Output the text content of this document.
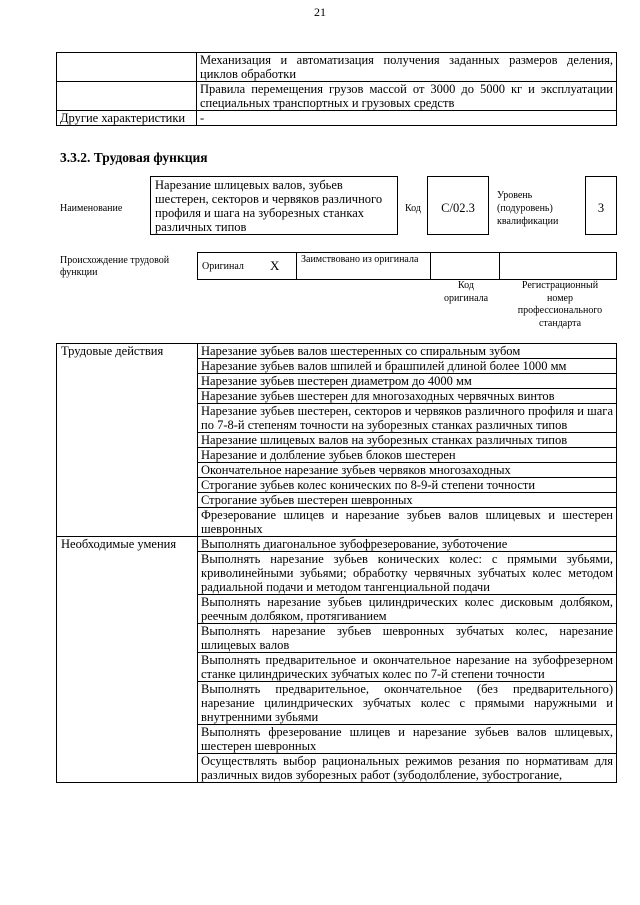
21
	Механизация и автоматизация получения заданных размеров деления, циклов обработки
	Правила перемещения грузов массой от 3000 до 5000 кг и эксплуатации специальных транспортных и грузовых средств
Другие характеристики	-
3.3.2. Трудовая функция
Наименование
Нарезание шлицевых валов, зубьев шестерен, секторов и червяков различного профиля и шага на зуборезных станках различных типов
Код	C/02.3
Уровень
(подуровень)
квалификации
3
Происхождение трудовой
функции
Оригинал	X	Заимствовано из оригинала		
Код
оригинала
Регистрационный
номер
профессионального
стандарта
Трудовые действия	Нарезание зубьев валов шестеренных со спиральным зубом
	Нарезание зубьев валов шпилей и брашпилей длиной более 1000 мм
	Нарезание зубьев шестерен диаметром до 4000 мм
	Нарезание зубьев шестерен для многозаходных червячных винтов
	Нарезание зубьев шестерен, секторов и червяков различного профиля и шага по 7-8-й степеням точности на зуборезных станках различных типов
	Нарезание шлицевых валов на зуборезных станках различных типов
	Нарезание и долбление зубьев блоков шестерен
	Окончательное нарезание зубьев червяков многозаходных
	Строгание зубьев колес конических по 8-9-й степени точности
	Строгание зубьев шестерен шевронных
	Фрезерование шлицев и нарезание зубьев валов шлицевых и шестерен шевронных
Необходимые умения	Выполнять диагональное зубофрезерование, зуботочение
	Выполнять нарезание зубьев конических колес: с прямыми зубьями, криволинейными зубьями; обработку червячных зубчатых колес методом радиальной подачи и методом тангенциальной подачи
	Выполнять нарезание зубьев цилиндрических колес дисковым долбяком, реечным долбяком, протягиванием
	Выполнять нарезание зубьев шевронных зубчатых колес, нарезание шлицевых валов
	Выполнять предварительное и окончательное нарезание на зубофрезерном станке цилиндрических зубчатых колес по 7-й степени точности
	Выполнять предварительное, окончательное (без предварительного) нарезание цилиндрических зубчатых колес с прямыми наружными и внутренними зубьями
	Выполнять фрезерование шлицев и нарезание зубьев валов шлицевых, шестерен шевронных
	Осуществлять выбор рациональных режимов резания по нормативам для различных видов зуборезных работ (зубодолбление, зубострогание,
